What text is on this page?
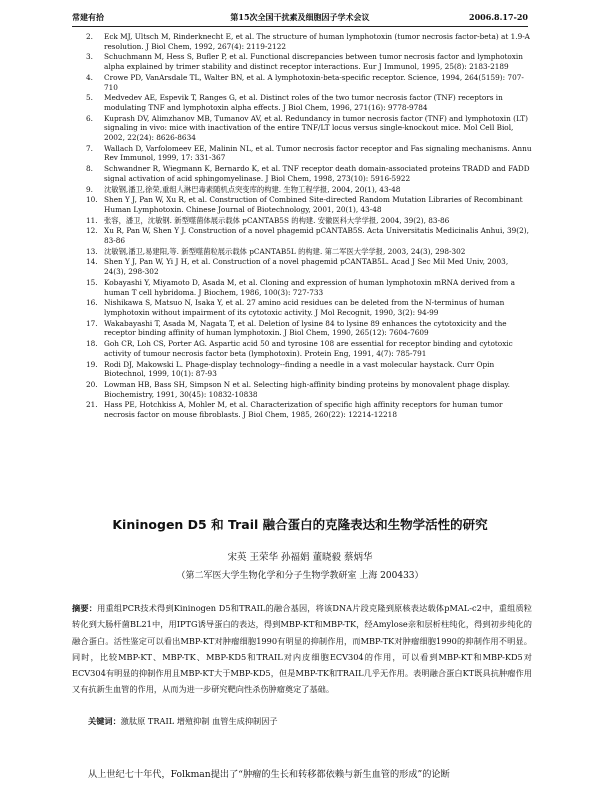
常建有拾	第15次全国干扰素及细胞因子学术会议	2006.8.17-20
2. Eck MJ, Ultsch M, Rinderknecht E, et al. The structure of human lymphotoxin (tumor necrosis factor-beta) at 1.9-A resolution. J Biol Chem, 1992, 267(4): 2119-2122
3. Schuchmann M, Hess S, Bufler P, et al. Functional discrepancies between tumor necrosis factor and lymphotoxin alpha explained by trimer stability and distinct receptor interactions. Eur J Immunol, 1995, 25(8): 2183-2189
4. Crowe PD, VanArsdale TL, Walter BN, et al. A lymphotoxin-beta-specific receptor. Science, 1994, 264(5159): 707-710
5. Medvedev AE, Espevik T, Ranges G, et al. Distinct roles of the two tumor necrosis factor (TNF) receptors in modulating TNF and lymphotoxin alpha effects. J Biol Chem, 1996, 271(16): 9778-9784
6. Kuprash DV, Alimzhanov MB, Tumanov AV, et al. Redundancy in tumor necrosis factor (TNF) and lymphotoxin (LT) signaling in vivo: mice with inactivation of the entire TNF/LT locus versus single-knockout mice. Mol Cell Biol, 2002, 22(24): 8626-8634
7. Wallach D, Varfolomeev EE, Malinin NL, et al. Tumor necrosis factor receptor and Fas signaling mechanisms. Annu Rev Immunol, 1999, 17: 331-367
8. Schwandner R, Wiegmann K, Bernardo K, et al. TNF receptor death domain-associated proteins TRADD and FADD signal activation of acid sphingomyelinase. J Biol Chem, 1998, 273(10): 5916-5922
9. 沈敏钢,潘卫,徐荣,重组人淋巴毒素随机点突变库的构建. 生物工程学报, 2004, 20(1), 43-48
10. Shen Y J, Pan W, Xu R, et al. Construction of Combined Site-directed Random Mutation Libraries of Recombinant Human Lymphotoxin. Chinese Journal of Biotechnology, 2001, 20(1), 43-48
11. 张容，潘卫，沈敏钢. 新型噬菌体展示载体 pCANTAB5S 的构建. 安徽医科大学学报, 2004, 39(2), 83-86
12. Xu R, Pan W, Shen Y J. Construction of a novel phagemid pCANTAB5S. Acta Universitatis Medicinalis Anhui, 39(2), 83-86
13. 沈敏钢,潘卫,易建阳,等. 新型噬菌粒展示载体 pCANTAB5L 的构建. 第二军医大学学报, 2003, 24(3), 298-302
14. Shen Y J, Pan W, Yi J H, et al. Construction of a novel phagemid pCANTAB5L. Acad J Sec Mil Med Univ, 2003, 24(3), 298-302
15. Kobayashi Y, Miyamoto D, Asada M, et al. Cloning and expression of human lymphotoxin mRNA derived from a human T cell hybridoma. J Biochem, 1986, 100(3): 727-733
16. Nishikawa S, Matsuo N, Isaka Y, et al. 27 amino acid residues can be deleted from the N-terminus of human lymphotoxin without impairment of its cytotoxic activity. J Mol Recognit, 1990, 3(2): 94-99
17. Wakabayashi T, Asada M, Nagata T, et al. Deletion of lysine 84 to lysine 89 enhances the cytotoxicity and the receptor binding affinity of human lymphotoxin. J Biol Chem, 1990, 265(12): 7604-7609
18. Goh CR, Loh CS, Porter AG. Aspartic acid 50 and tyrosine 108 are essential for receptor binding and cytotoxic activity of tumour necrosis factor beta (lymphotoxin). Protein Eng, 1991, 4(7): 785-791
19. Rodi DJ, Makowski L. Phage-display technology--finding a needle in a vast molecular haystack. Curr Opin Biotechnol, 1999, 10(1): 87-93
20. Lowman HB, Bass SH, Simpson N et al. Selecting high-affinity binding proteins by monovalent phage display. Biochemistry, 1991, 30(45): 10832-10838
21. Hass PE, Hotchkiss A, Mohler M, et al. Characterization of specific high affinity receptors for human tumor necrosis factor on mouse fibroblasts. J Biol Chem, 1985, 260(22): 12214-12218
Kininogen D5 和 Trail 融合蛋白的克隆表达和生物学活性的研究
宋英 王荣华 孙福娟 董晓毅 蔡炳华
（第二军医大学生物化学和分子生物学教研室 上海 200433）
摘要：用重组PCR技术得到Kininogen D5和TRAIL的融合基因，将该DNA片段克隆到原核表达载体pMAL-c2中，重组质粒转化到大肠杆菌BL21中，用IPTG诱导蛋白的表达，得到MBP-KT和MBP-TK，经Amylose亲和层析柱纯化，得到初步纯化的融合蛋白。活性鉴定可以看出MBP-KT对肿瘤细胞1990有明显的抑制作用，而MBP-TK对肿瘤细胞1990的抑制作用不明显。同时，比较MBP-KT、MBP-TK、MBP-KD5和TRAIL对内皮细胞ECV304的作用，可以看到MBP-KT和MBP-KD5对ECV304有明显的抑制作用且MBP-KT大于MBP-KD5，但是MBP-TK和TRAIL几乎无作用。表明融合蛋白KT既具抗肿瘤作用又有抗新生血管的作用，从而为进一步研究靶向性杀伤肿瘤奠定了基础。
关键词：激肽原 TRAIL 增殖抑制 血管生成抑制因子
从上世纪七十年代，Folkman提出了“肿瘤的生长和转移都依赖与新生血管的形成”的论断
